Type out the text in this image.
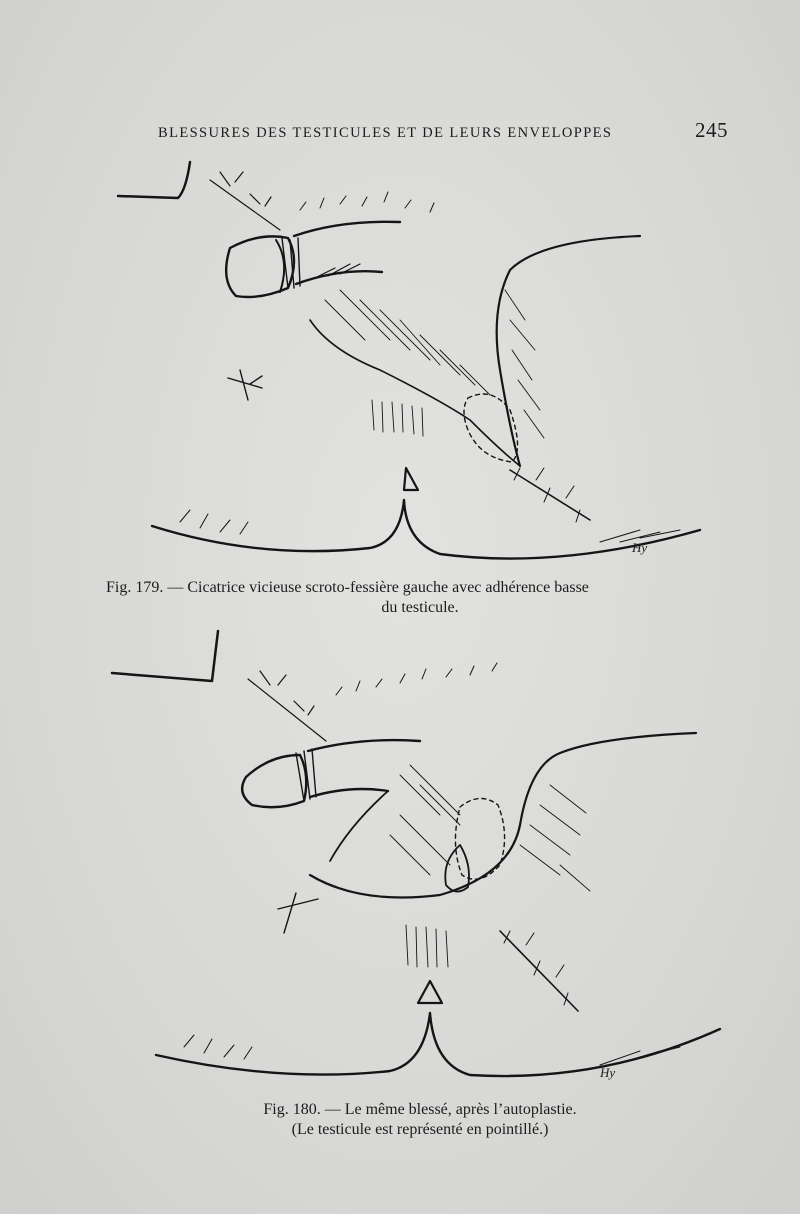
BLESSURES DES TESTICULES ET DE LEURS ENVELOPPES	245
Hy
Fig. 179. — Cicatrice vicieuse scroto-fessière gauche avec adhérence basse
du testicule.
Hy
Fig. 180. — Le même blessé, après l’autoplastie.
(Le testicule est représenté en pointillé.)
